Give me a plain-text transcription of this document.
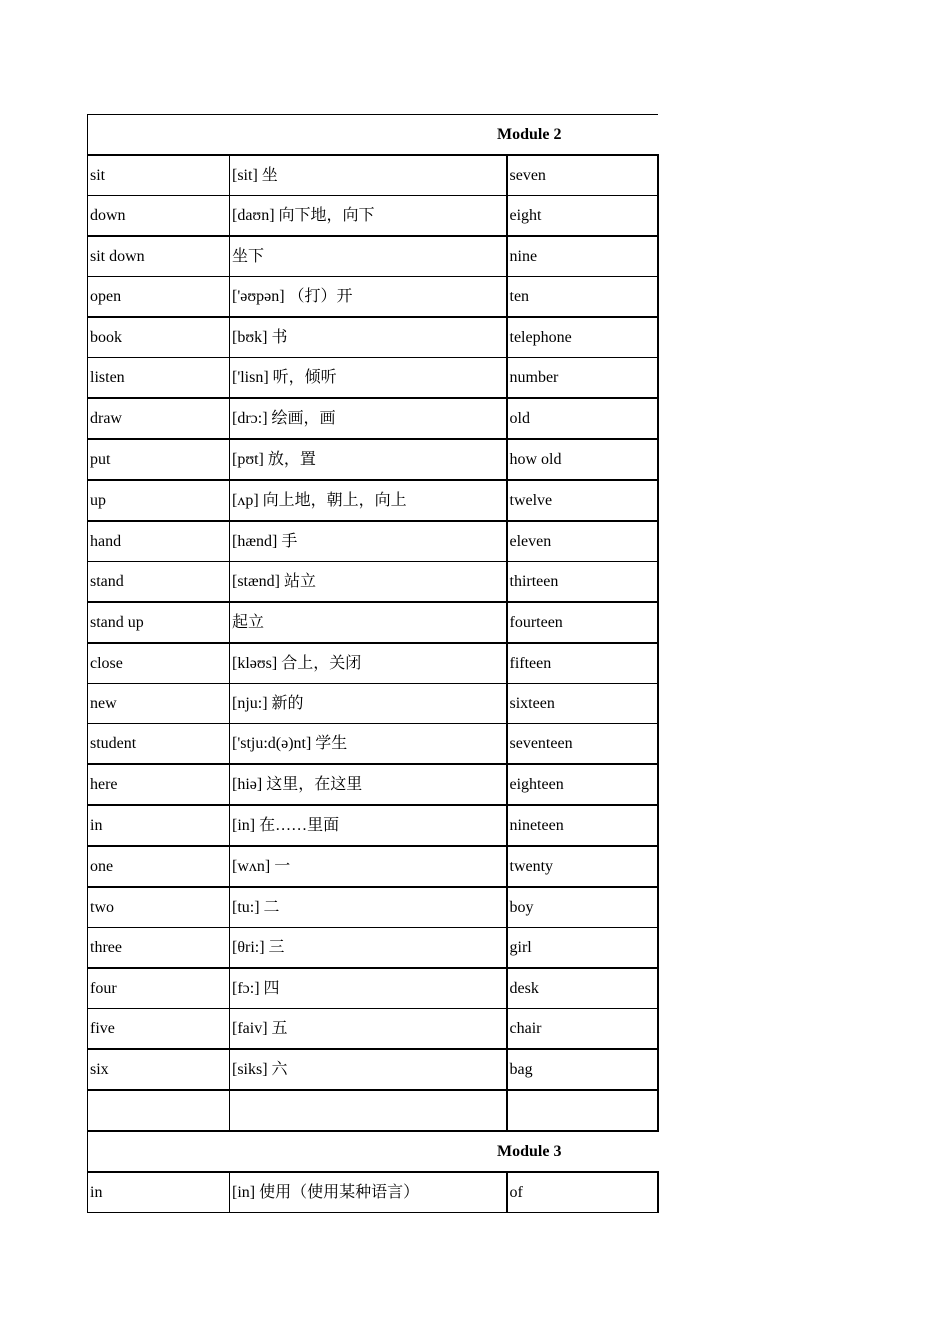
Module 2		
sit	[sit] 坐	seven
down	[daʊn] 向下地，向下	eight
sit down	坐下	nine
open	['əʊpən] （打）开	ten
book	[bʊk] 书	telephone
listen	['lisn] 听，倾听	number
draw	[drɔ:] 绘画，画	old
put	[pʊt] 放，置	how old
up	[ʌp] 向上地，朝上，向上	twelve
hand	[hænd] 手	eleven
stand	[stænd] 站立	thirteen
stand up	起立	fourteen
close	[kləʊs] 合上，关闭	fifteen
new	[nju:] 新的	sixteen
student	['stju:d(ə)nt] 学生	seventeen
here	[hiə] 这里，在这里	eighteen
in	[in] 在……里面	nineteen
one	[wʌn] 一	twenty
two	[tu:] 二	boy
three	[θri:] 三	girl
four	[fɔ:] 四	desk
five	[faiv] 五	chair
six	[siks] 六	bag

Module 3		
in	[in] 使用（使用某种语言）	of
